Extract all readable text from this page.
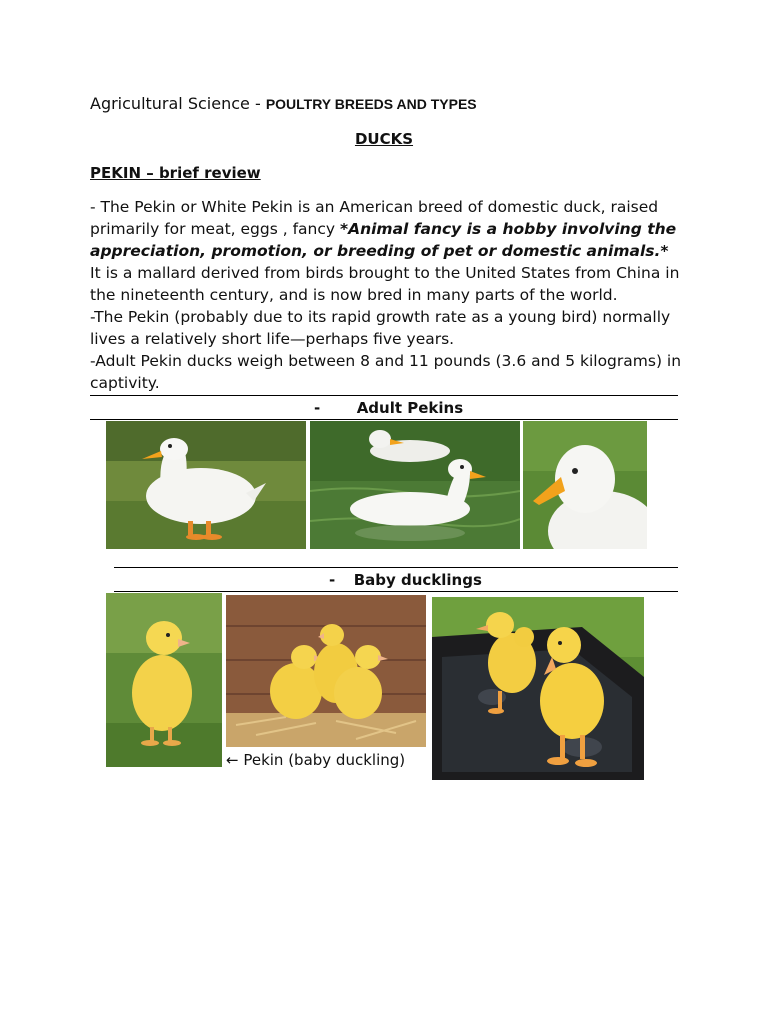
Agricultural Science - POULTRY BREEDS AND TYPES
DUCKS
PEKIN – brief review

- The Pekin or White Pekin is an American breed of domestic duck, raised primarily for meat, eggs , fancy *Animal fancy is a hobby involving the appreciation, promotion, or breeding of pet or domestic animals.* It is a mallard derived from birds brought to the United States from China in the nineteenth century, and is now bred in many parts of the world.

-The Pekin (probably due to its rapid growth rate as a young bird) normally lives a relatively short life—perhaps five years.

-Adult Pekin ducks weigh between 8 and 11 pounds (3.6 and 5 kilograms) in captivity.

- Adult Pekins
- Baby ducklings
← Pekin (baby duckling)
